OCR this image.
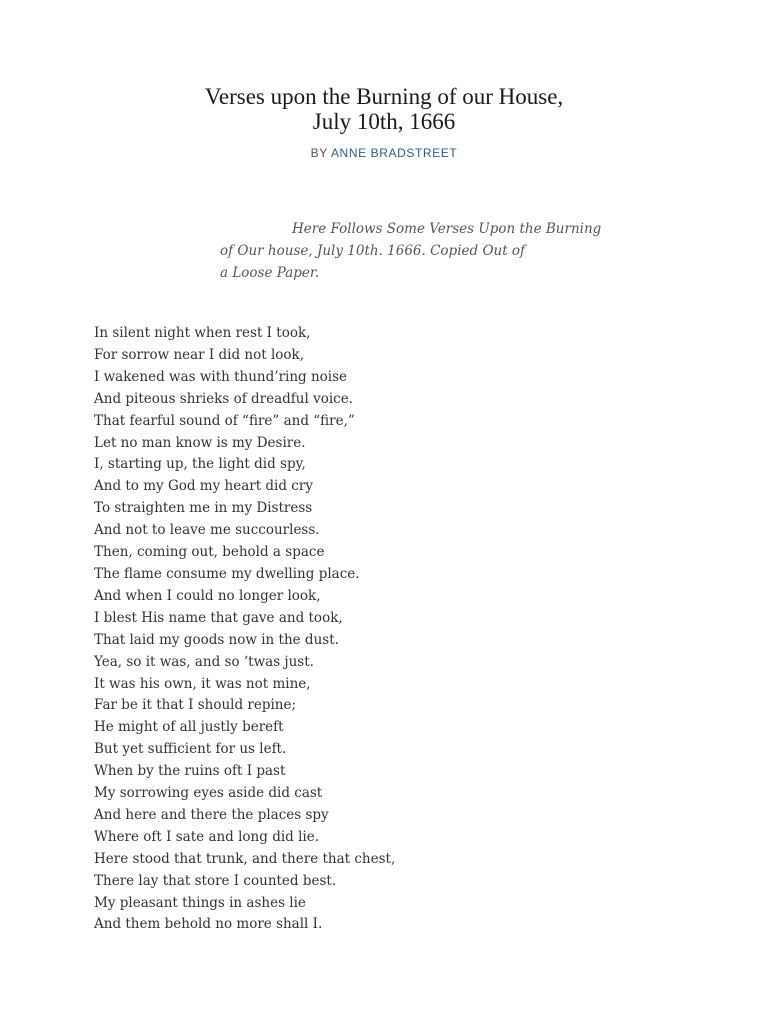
Verses upon the Burning of our House,
July 10th, 1666
BY ANNE BRADSTREET
Here Follows Some Verses Upon the Burning
of Our house, July 10th. 1666. Copied Out of
a Loose Paper.
In silent night when rest I took,
For sorrow near I did not look,
I wakened was with thund’ring noise
And piteous shrieks of dreadful voice.
That fearful sound of “fire” and “fire,”
Let no man know is my Desire.
I, starting up, the light did spy,
And to my God my heart did cry
To straighten me in my Distress
And not to leave me succourless.
Then, coming out, behold a space
The flame consume my dwelling place.
And when I could no longer look,
I blest His name that gave and took,
That laid my goods now in the dust.
Yea, so it was, and so ‘twas just.
It was his own, it was not mine,
Far be it that I should repine;
He might of all justly bereft
But yet sufficient for us left.
When by the ruins oft I past
My sorrowing eyes aside did cast
And here and there the places spy
Where oft I sate and long did lie.
Here stood that trunk, and there that chest,
There lay that store I counted best.
My pleasant things in ashes lie
And them behold no more shall I.
